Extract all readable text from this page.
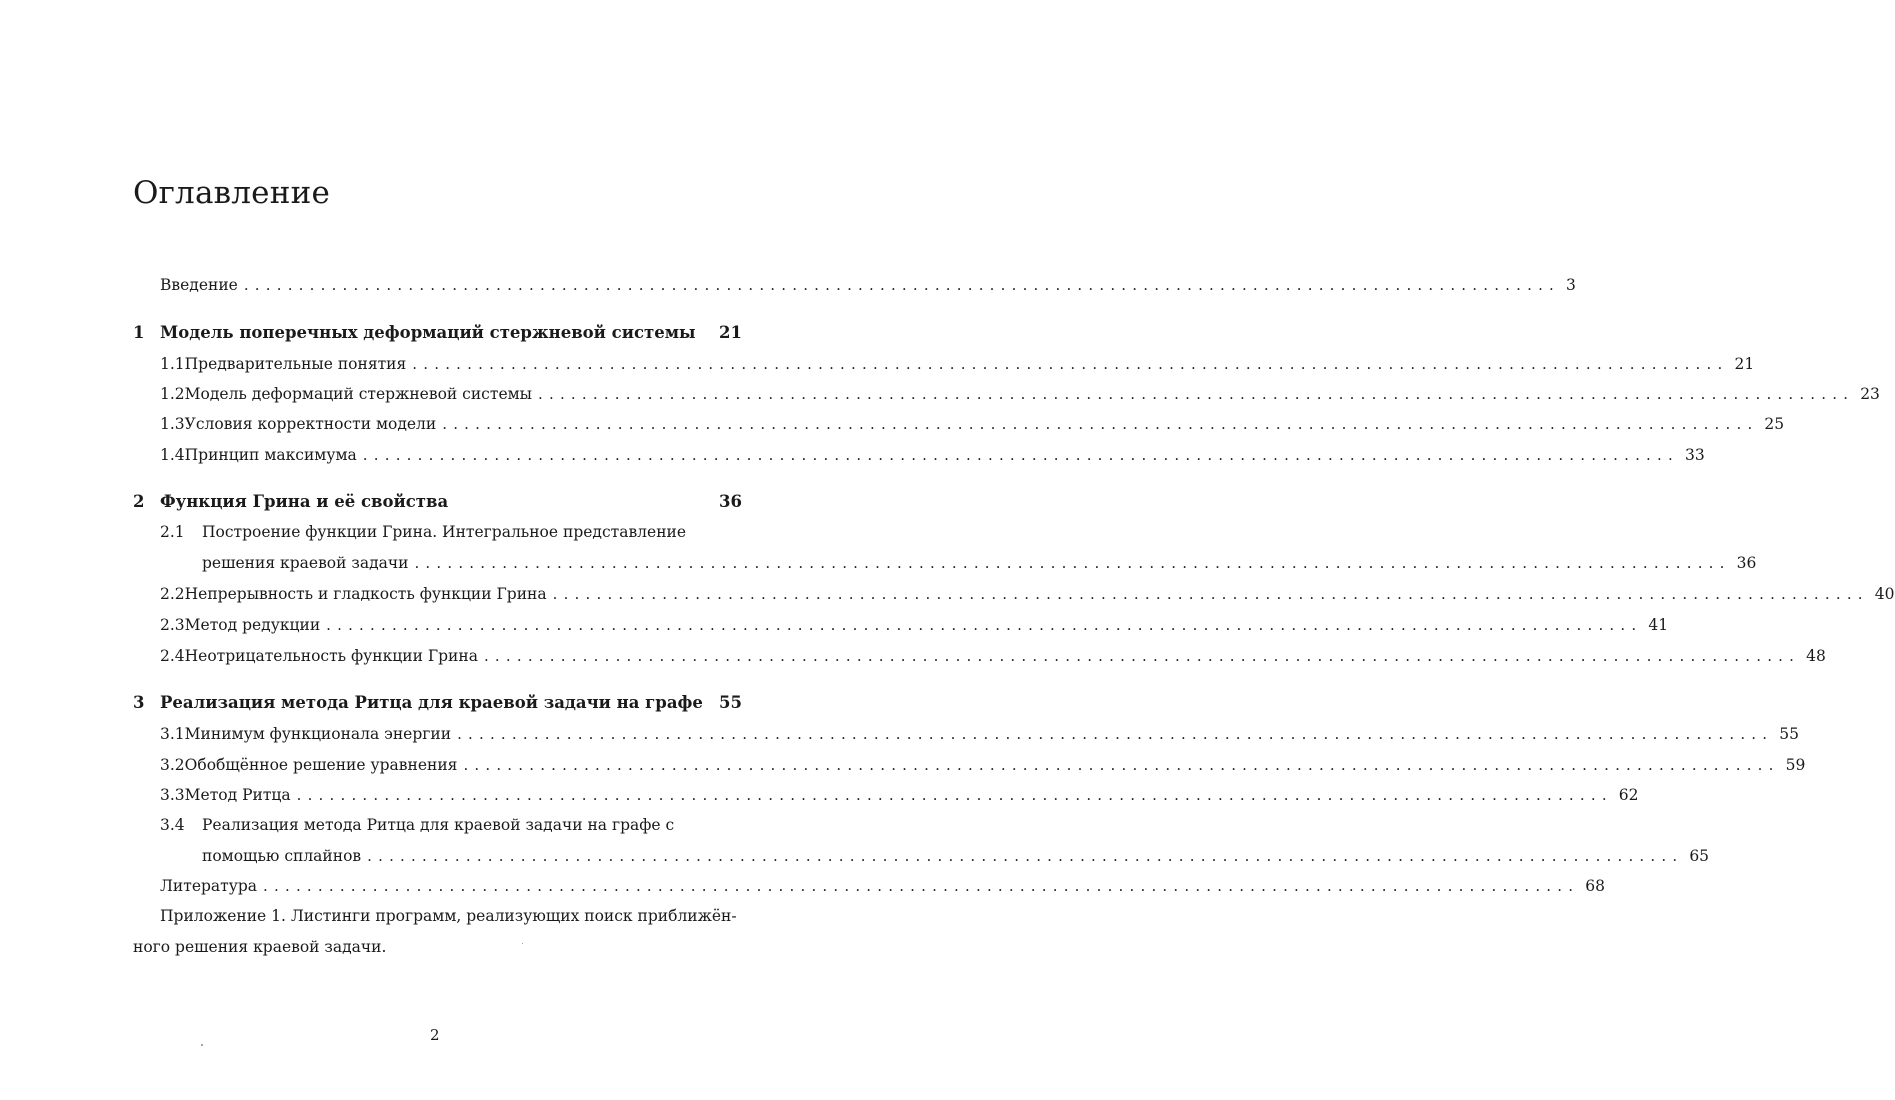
Оглавление
Введение ........................................................................................................................ 3
1 Модель поперечных деформаций стержневой системы 21
1.1 Предварительные понятия ........................................................................................................................ 21
1.2 Модель деформаций стержневой системы ........................................................................................................................ 23
1.3 Условия корректности модели ........................................................................................................................ 25
1.4 Принцип максимума ........................................................................................................................ 33
2 Функция Грина и её свойства	36
2.1	Построение функции Грина. Интегральное представление
решения краевой задачи ........................................................................................................................ 36
2.2 Непрерывность и гладкость функции Грина ........................................................................................................................ 40
2.3 Метод редукции ........................................................................................................................ 41
2.4 Неотрицательность функции Грина ........................................................................................................................ 48
3 Реализация метода Ритца для краевой задачи на графе 55
3.1 Минимум функционала энергии ........................................................................................................................ 55
3.2 Обобщённое решение уравнения ........................................................................................................................ 59
3.3 Метод Ритца ........................................................................................................................ 62
3.4	Реализация метода Ритца для краевой задачи на графе с
помощью сплайнов ........................................................................................................................ 65
Литература ........................................................................................................................ 68
Приложение 1. Листинги программ, реализующих поиск приближён-
ного решения краевой задачи.
2
